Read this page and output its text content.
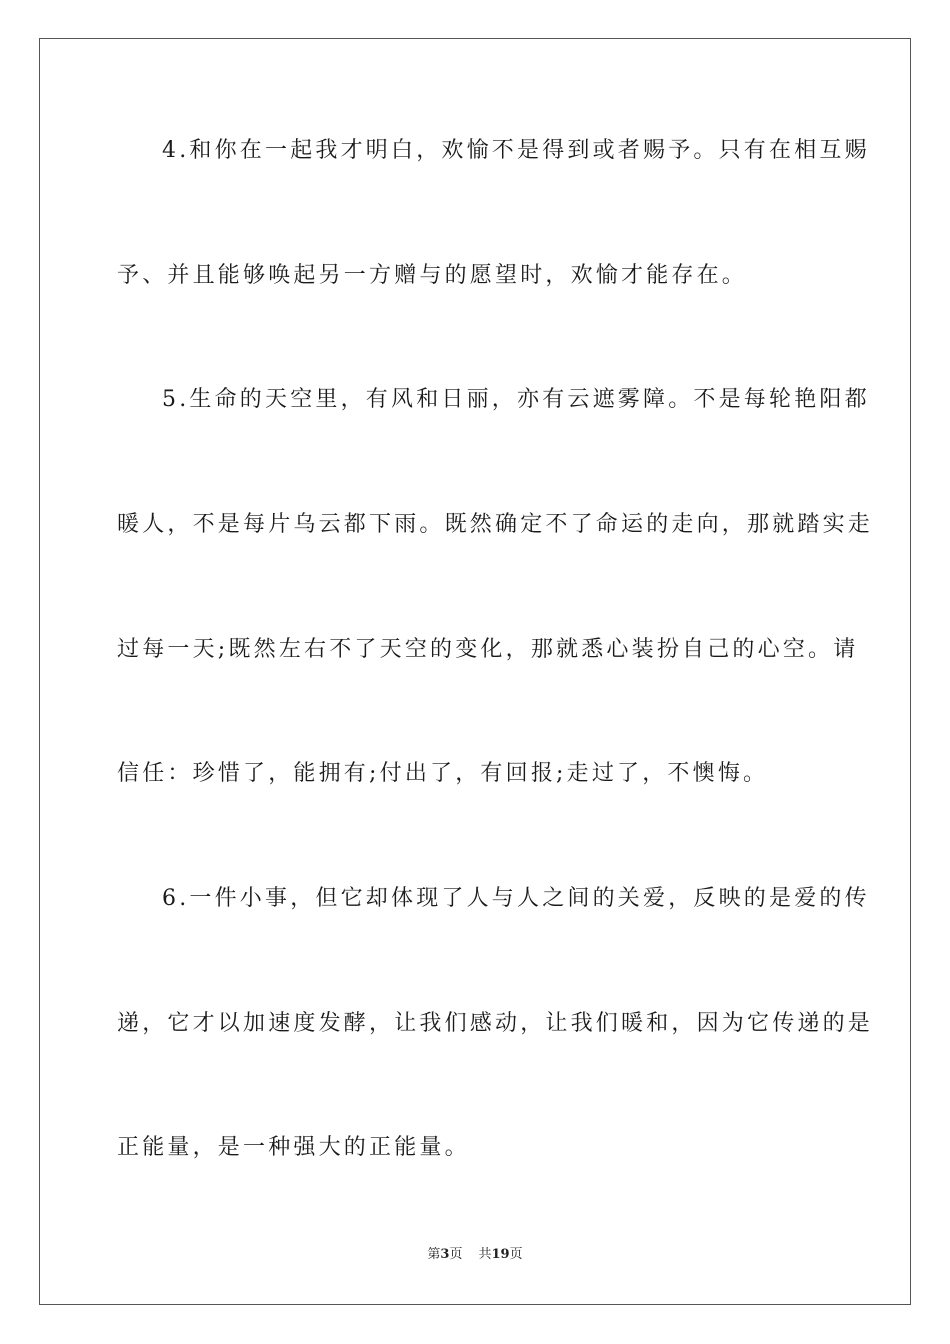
4.和你在一起我才明白，欢愉不是得到或者赐予。只有在相互赐
予、并且能够唤起另一方赠与的愿望时，欢愉才能存在。
5.生命的天空里，有风和日丽，亦有云遮雾障。不是每轮艳阳都
暖人，不是每片乌云都下雨。既然确定不了命运的走向，那就踏实走
过每一天;既然左右不了天空的变化，那就悉心装扮自己的心空。请
信任：珍惜了，能拥有;付出了，有回报;走过了，不懊悔。
6.一件小事，但它却体现了人与人之间的关爱，反映的是爱的传
递，它才以加速度发酵，让我们感动，让我们暖和，因为它传递的是
正能量，是一种强大的正能量。
第3页 共19页
